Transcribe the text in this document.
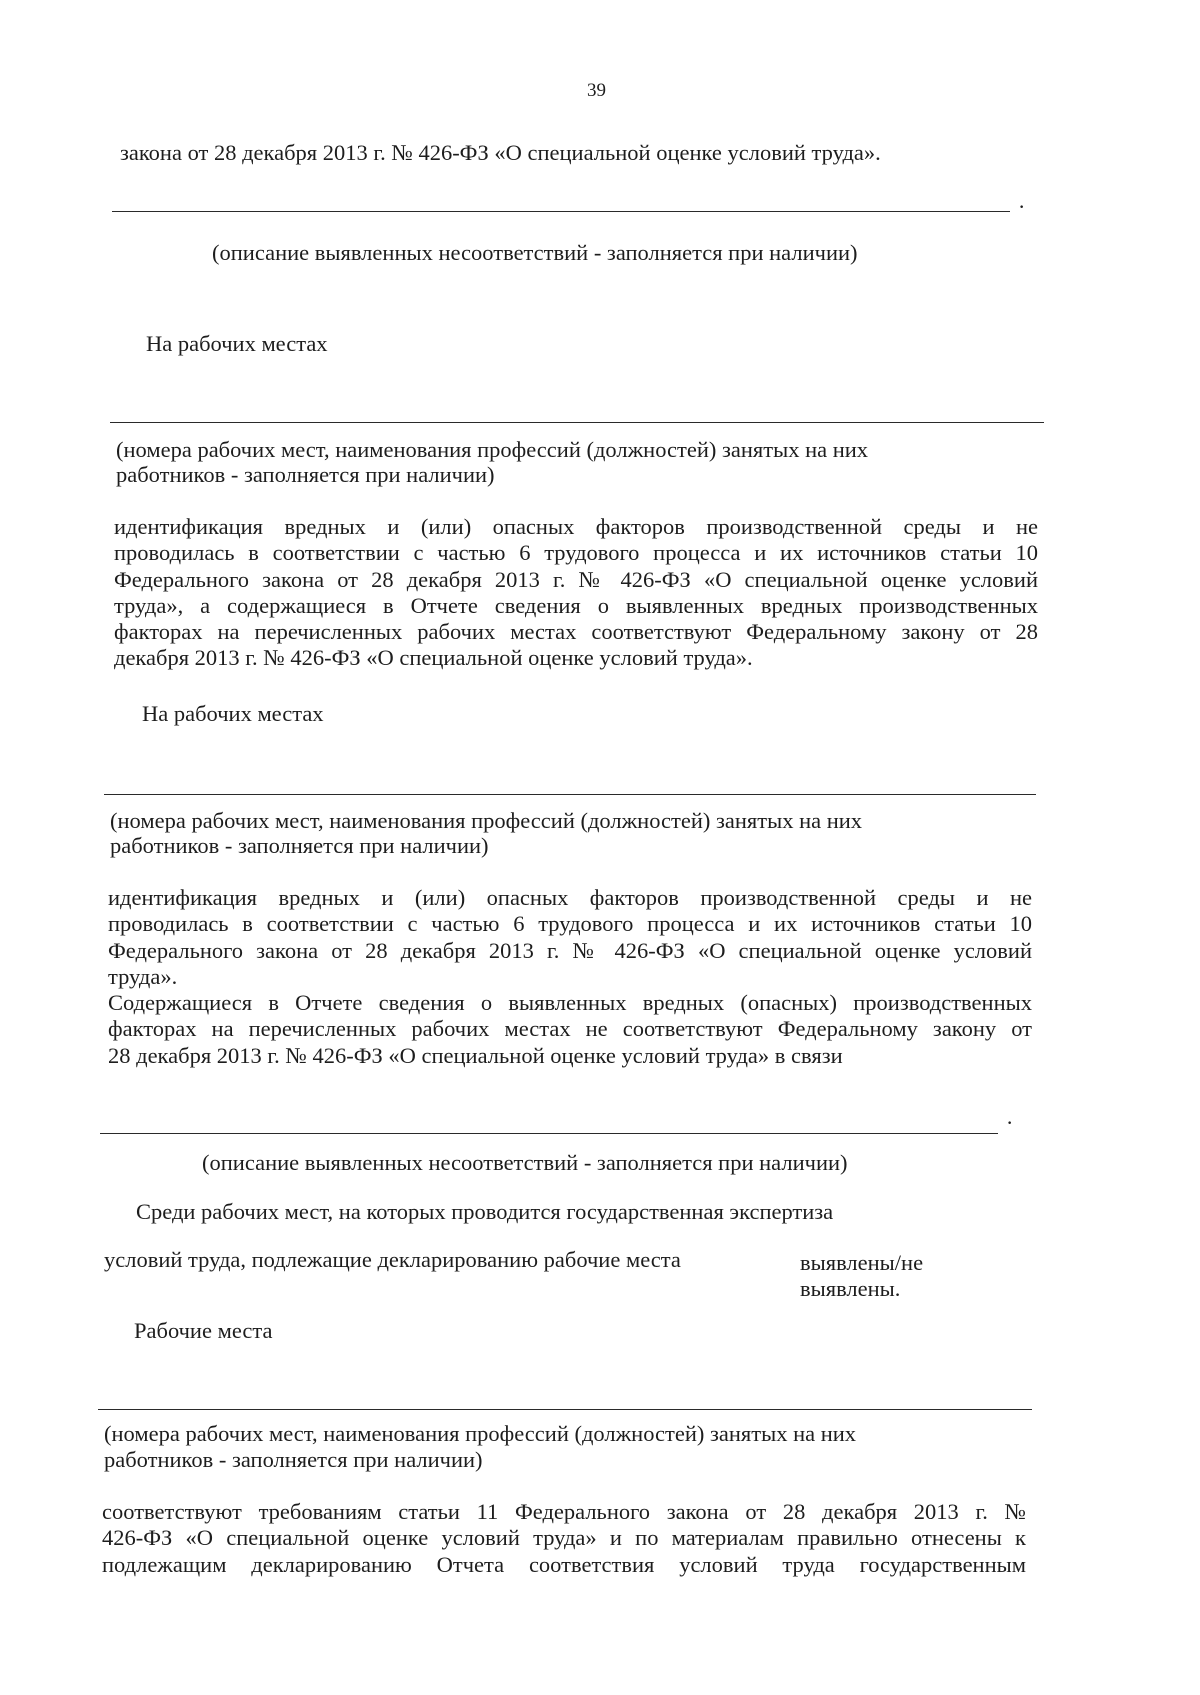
39
закона от 28 декабря 2013 г. № 426-ФЗ «О специальной оценке условий труда».
·
(описание выявленных несоответствий - заполняется при наличии)
На рабочих местах
(номера рабочих мест, наименования профессий (должностей) занятых на них
работников - заполняется при наличии)
идентификация вредных и (или) опасных факторов производственной среды и не
проводилась в соответствии с частью 6 трудового процесса и их источников статьи 10
Федерального закона от 28 декабря 2013 г. № 426-ФЗ «О специальной оценке условий
труда», а содержащиеся в Отчете сведения о выявленных вредных производственных
факторах на перечисленных рабочих местах соответствуют Федеральному закону от 28
декабря 2013 г. № 426-ФЗ «О специальной оценке условий труда».
На рабочих местах
(номера рабочих мест, наименования профессий (должностей) занятых на них
работников - заполняется при наличии)
идентификация вредных и (или) опасных факторов производственной среды и не
проводилась в соответствии с частью 6 трудового процесса и их источников статьи 10
Федерального закона от 28 декабря 2013 г. № 426-ФЗ «О специальной оценке условий
труда».
Содержащиеся в Отчете сведения о выявленных вредных (опасных) производственных
факторах на перечисленных рабочих местах не соответствуют Федеральному закону от
28 декабря 2013 г. № 426-ФЗ «О специальной оценке условий труда» в связи
·
(описание выявленных несоответствий - заполняется при наличии)
Среди рабочих мест, на которых проводится государственная экспертиза
условий труда, подлежащие декларированию рабочие места	выявлены/не
выявлены.
Рабочие места
(номера рабочих мест, наименования профессий (должностей) занятых на них
работников - заполняется при наличии)
соответствуют требованиям статьи 11 Федерального закона от 28 декабря 2013 г. №
426-ФЗ «О специальной оценке условий труда» и по материалам правильно отнесены к
подлежащим декларированию Отчета соответствия условий труда государственным
